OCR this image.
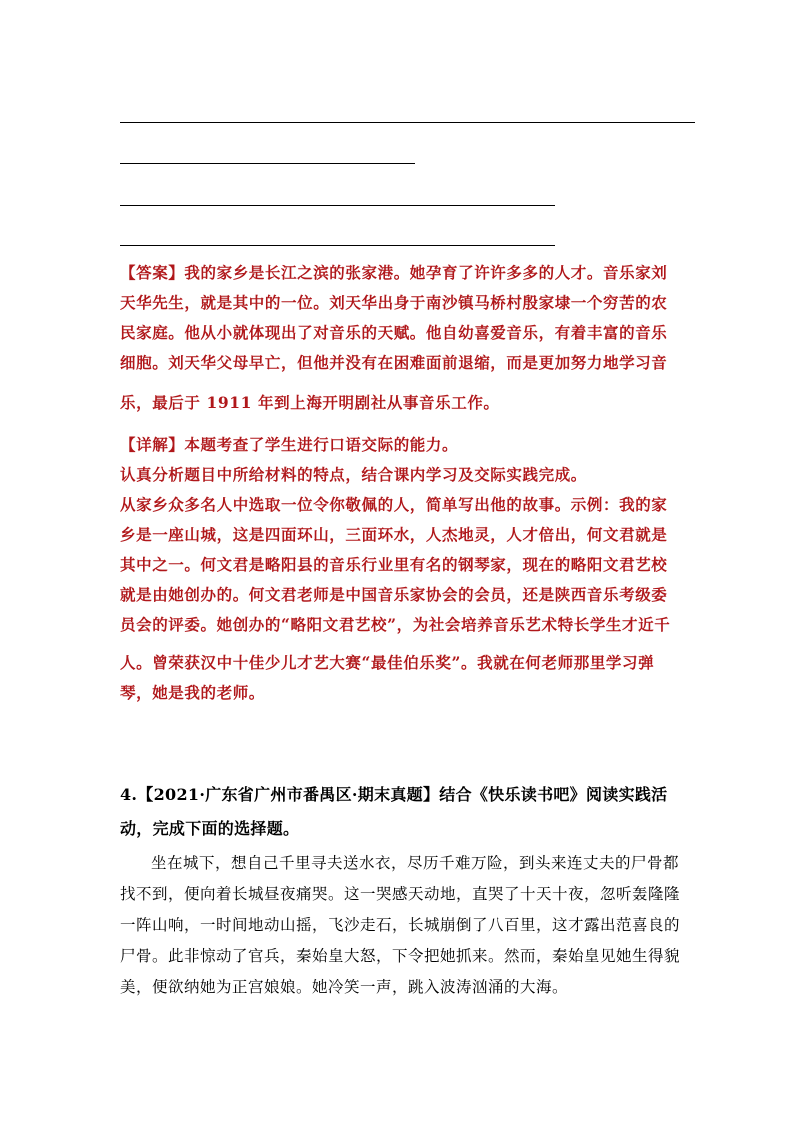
【答案】我的家乡是长江之滨的张家港。她孕育了许许多多的人才。音乐家刘天华先生，就是其中的一位。刘天华出身于南沙镇马桥村殷家埭一个穷苦的农民家庭。他从小就体现出了对音乐的天赋。他自幼喜爱音乐，有着丰富的音乐细胞。刘天华父母早亡，但他并没有在困难面前退缩，而是更加努力地学习音
乐，最后于 1911 年到上海开明剧社从事音乐工作。

【详解】本题考查了学生进行口语交际的能力。
认真分析题目中所给材料的特点，结合课内学习及交际实践完成。
从家乡众多名人中选取一位令你敬佩的人，简单写出他的故事。示例：我的家乡是一座山城，这是四面环山，三面环水，人杰地灵，人才倍出，何文君就是其中之一。何文君是略阳县的音乐行业里有名的钢琴家，现在的略阳文君艺校就是由她创办的。何文君老师是中国音乐家协会的会员，还是陕西音乐考级委员会的评委。她创办的“略阳文君艺校”，为社会培养音乐艺术特长学生才近千
人。曾荣获汉中十佳少儿才艺大赛“最佳伯乐奖”。我就在何老师那里学习弹琴，她是我的老师。

4.【2021·广东省广州市番禺区·期末真题】结合《快乐读书吧》阅读实践活动，完成下面的选择题。

坐在城下，想自己千里寻夫送水衣，尽历千难万险，到头来连丈夫的尸骨都找不到，便向着长城昼夜痛哭。这一哭感天动地，直哭了十天十夜，忽听轰隆隆一阵山响，一时间地动山摇，飞沙走石，长城崩倒了八百里，这才露出范喜良的尸骨。此非惊动了官兵，秦始皇大怒，下令把她抓来。然而，秦始皇见她生得貌美，便欲纳她为正宫娘娘。她冷笑一声，跳入波涛汹涌的大海。
